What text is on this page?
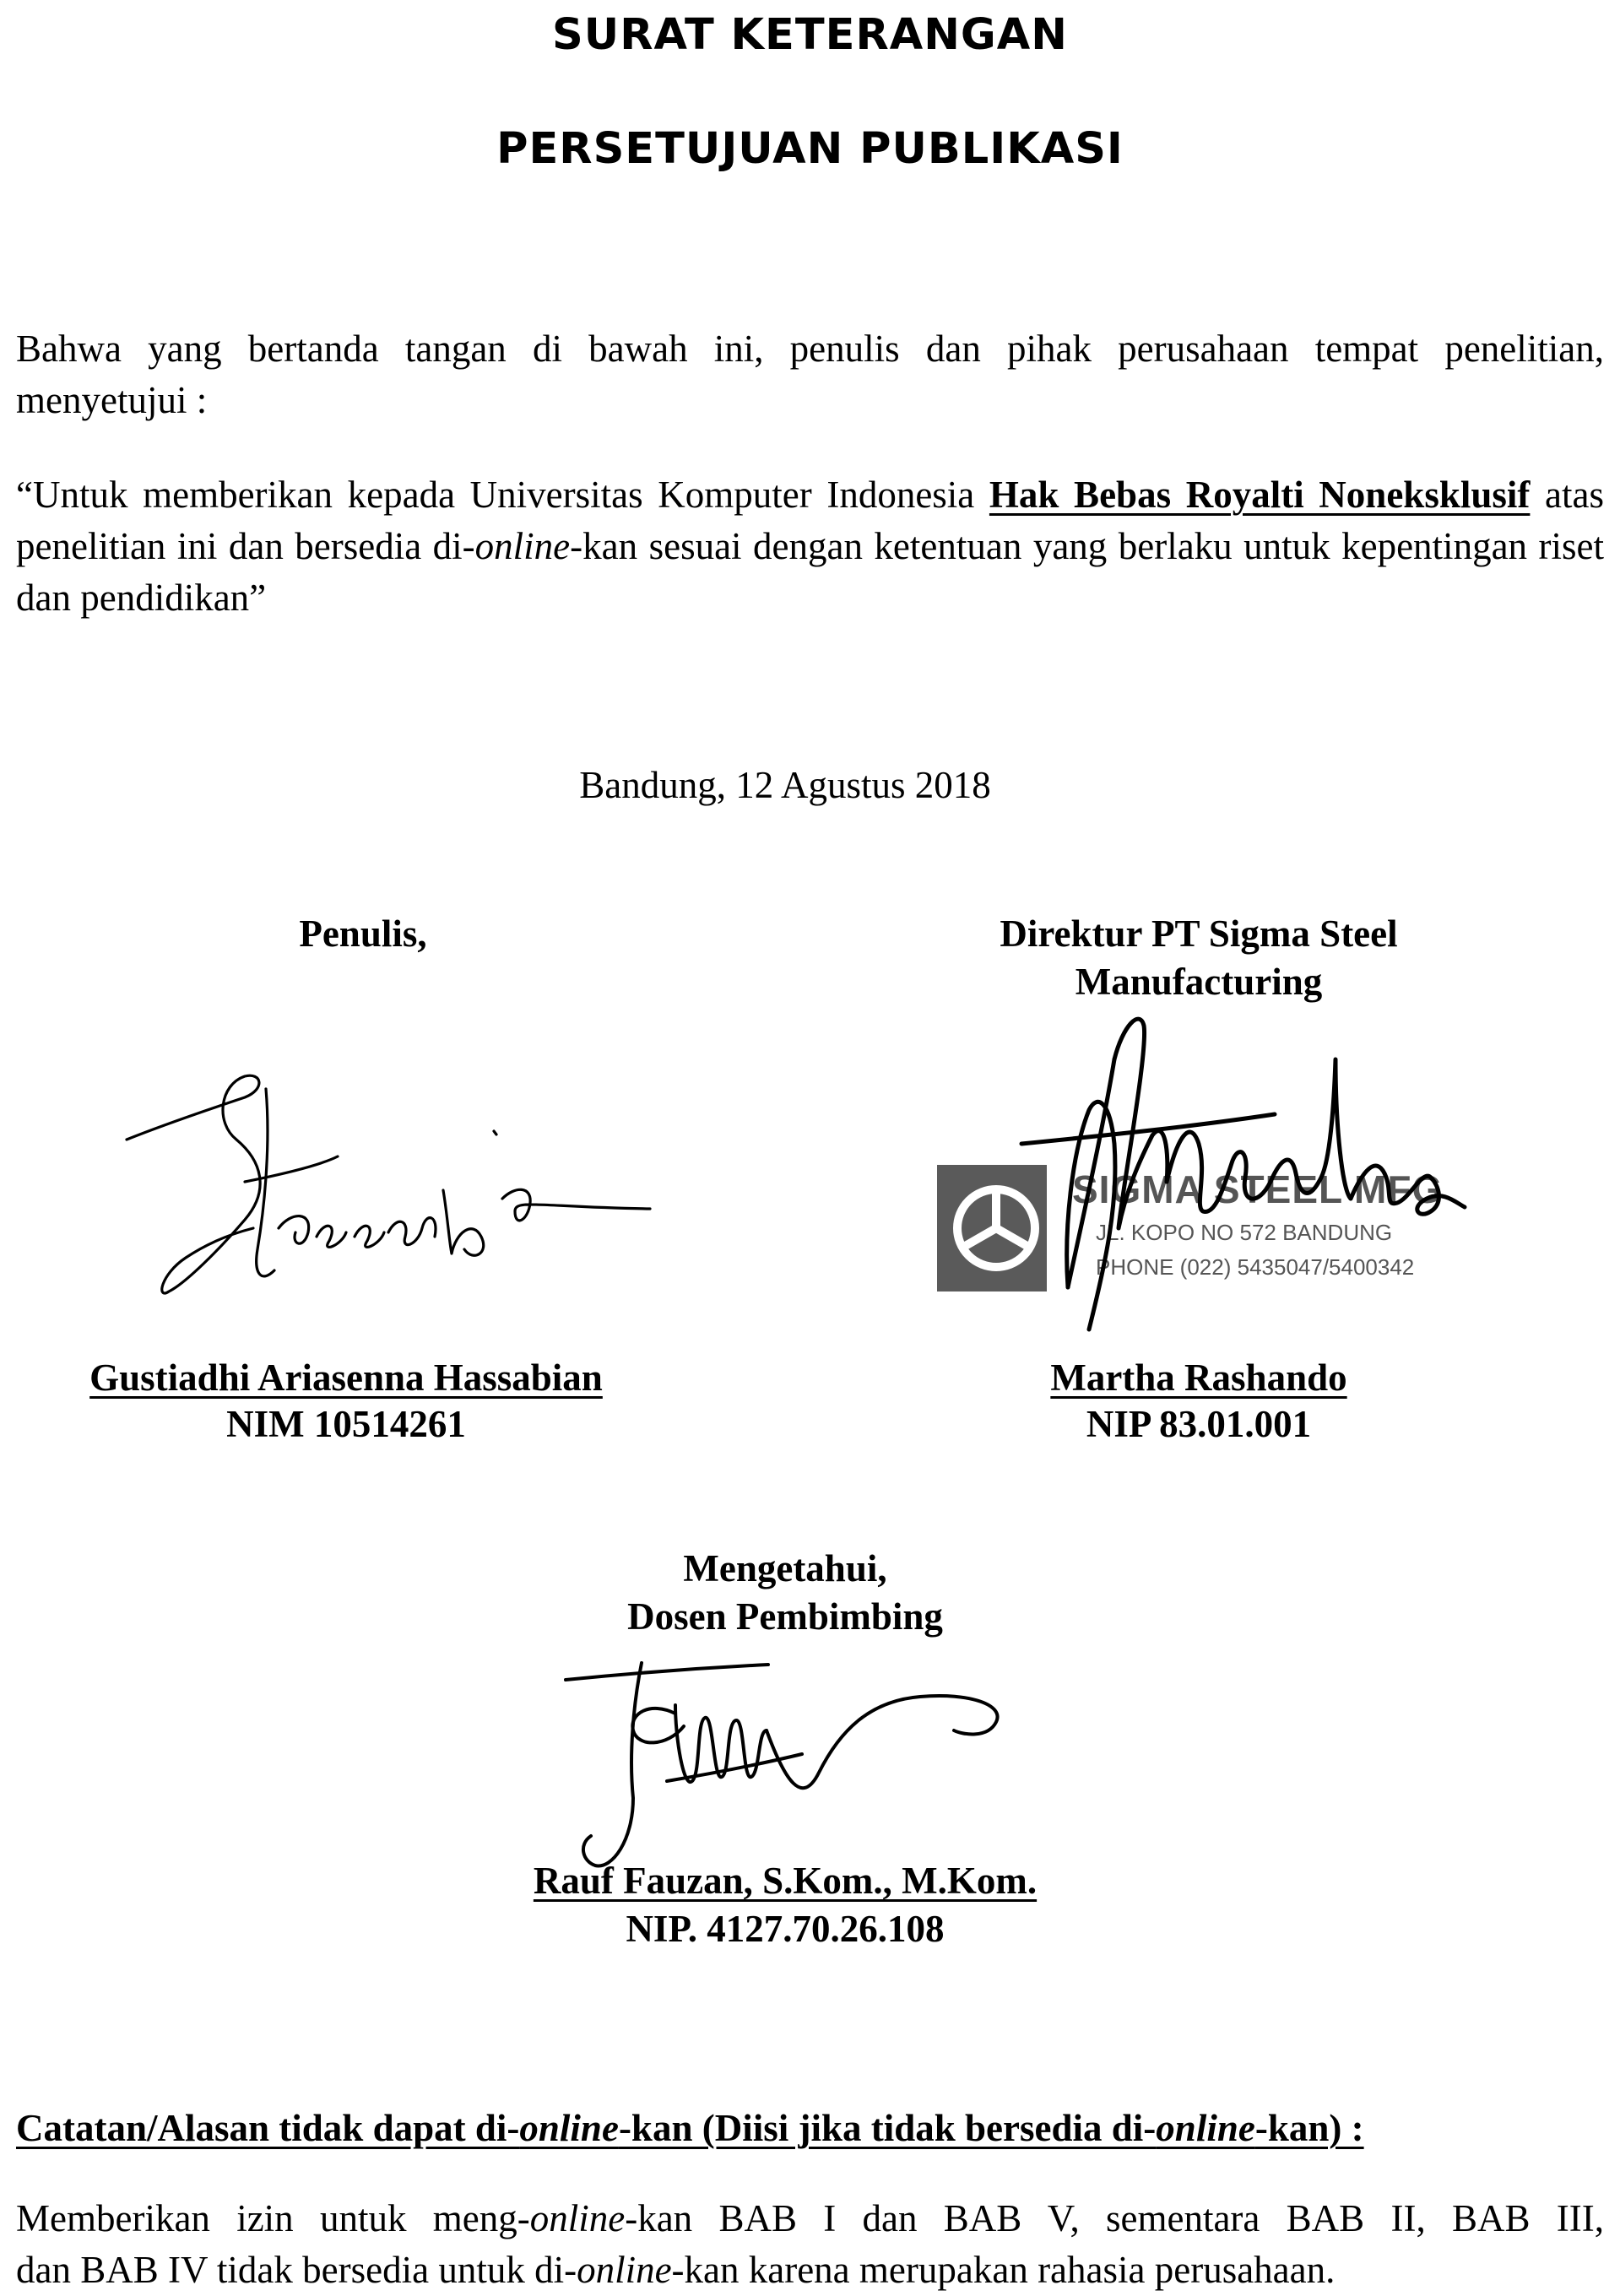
SURAT KETERANGAN
PERSETUJUAN PUBLIKASI
Bahwa yang bertanda tangan di bawah ini, penulis dan pihak perusahaan tempat penelitian,
menyetujui :
“Untuk memberikan kepada Universitas Komputer Indonesia Hak Bebas Royalti Noneksklusif atas penelitian ini dan bersedia di-online-kan sesuai dengan ketentuan yang berlaku untuk kepentingan riset dan pendidikan”
Bandung, 12 Agustus 2018
Penulis,
Gustiadhi Ariasenna Hassabian
NIM 10514261
Direktur PT Sigma Steel
Manufacturing
SIGMA STEEL MFG
JL. KOPO NO 572 BANDUNG
PHONE (022) 5435047/5400342
Martha Rashando
NIP 83.01.001
Mengetahui,
Dosen Pembimbing
Rauf Fauzan, S.Kom., M.Kom.
NIP. 4127.70.26.108
Catatan/Alasan tidak dapat di-online-kan (Diisi jika tidak bersedia di-online-kan) :
Memberikan izin untuk meng-online-kan BAB I dan BAB V, sementara BAB II, BAB III,
dan BAB IV tidak bersedia untuk di-online-kan karena merupakan rahasia perusahaan.
